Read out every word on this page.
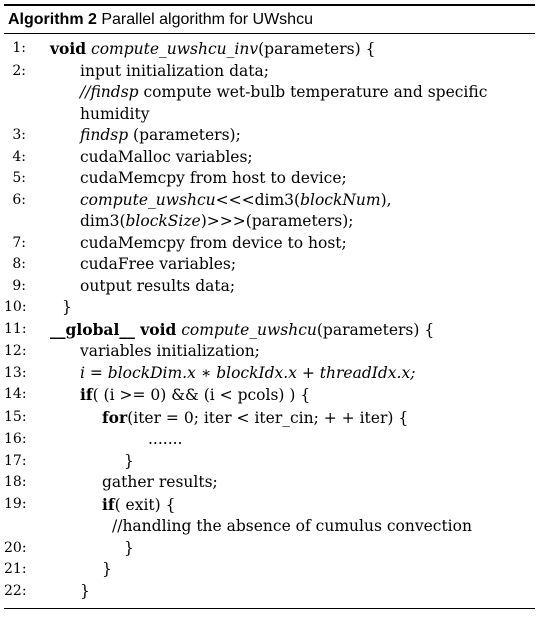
Algorithm 2 Parallel algorithm for UWshcu
1:	void compute_uwshcu_inv(parameters) {
2:	input initialization data;
//findsp compute wet-bulb temperature and specific
humidity
3:	findsp (parameters);
4:	cudaMalloc variables;
5:	cudaMemcpy from host to device;
6:	compute_uwshcu<<<dim3(blockNum),
dim3(blockSize)>>>(parameters);
7:	cudaMemcpy from device to host;
8:	cudaFree variables;
9:	output results data;
10:	}
11:	__global__ void compute_uwshcu(parameters) {
12:	variables initialization;
13:	i = blockDim.x ∗ blockIdx.x + threadIdx.x;
14:	if( (i >= 0) && (i < pcols) ) {
15:	for(iter = 0; iter < iter_cin; + + iter) {
16:	.......
17:	}
18:	gather results;
19:	if( exit) {
//handling the absence of cumulus convection
20:	}
21:	}
22:	}
